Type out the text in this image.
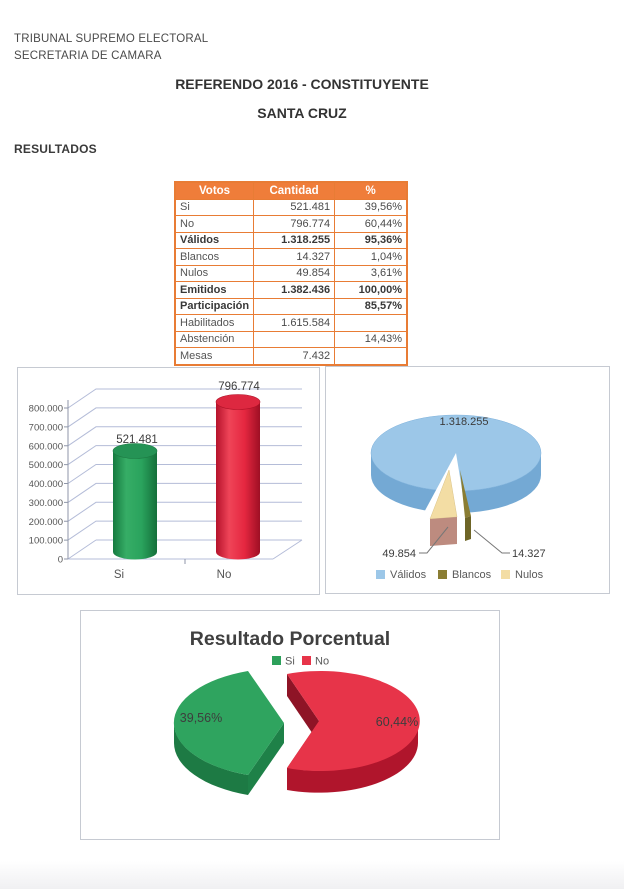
TRIBUNAL SUPREMO ELECTORAL
SECRETARIA DE CAMARA
REFERENDO 2016 - CONSTITUYENTE
SANTA CRUZ
RESULTADOS
Votos	Cantidad	%
Si	521.481	39,56%
No	796.774	60,44%
Válidos	1.318.255	95,36%
Blancos	14.327	1,04%
Nulos	49.854	3,61%
Emitidos	1.382.436	100,00%
Participación		85,57%
Habilitados	1.615.584	
Abstención		14,43%
Mesas	7.432	
521.481
796.774
Si	No
0
100.000
200.000
300.000
400.000
500.000
600.000
700.000
800.000
1.318.255
49.854	14.327
Válidos Blancos Nulos
Resultado Porcentual
Si No
39,56%	60,44%
